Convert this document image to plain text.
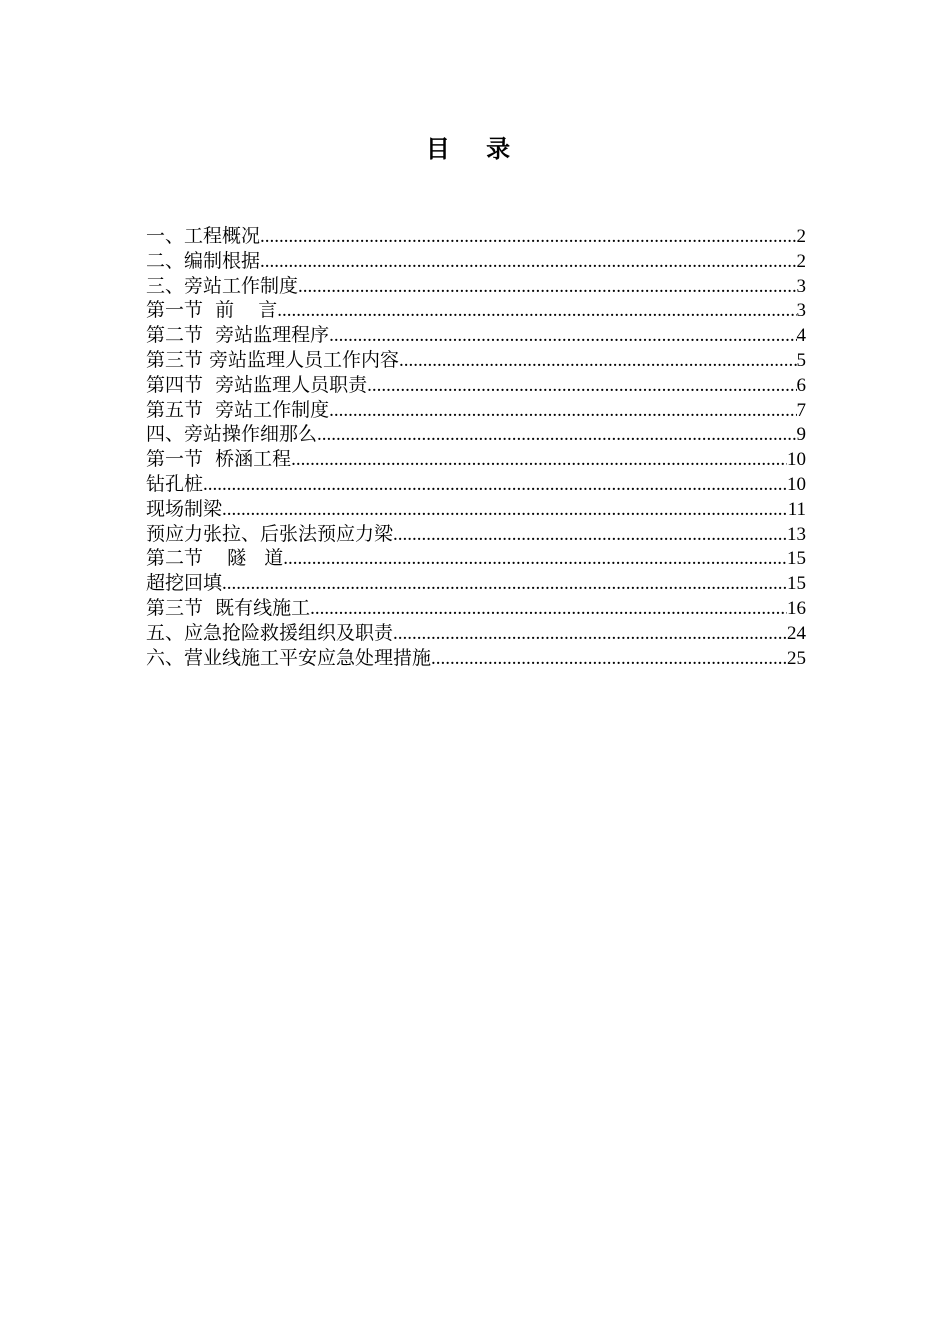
目 录
一、工程概况 .....	2
二、编制根据 .....	2
三、旁站工作制度 .....	3
第一节  前    言 .....	3
第二节  旁站监理程序 .....	4
第三节 旁站监理人员工作内容 .....	5
第四节  旁站监理人员职责 .....	6
第五节  旁站工作制度 .....	7
四、旁站操作细那么 .....	9
第一节  桥涵工程 .....	10
钻孔桩 .....	10
现场制梁 .....	11
预应力张拉、后张法预应力梁 .....	13
第二节    隧   道 .....	15
超挖回填 .....	15
第三节  既有线施工 .....	16
五、应急抢险救援组织及职责 .....	24
六、营业线施工平安应急处理措施 .....	25
